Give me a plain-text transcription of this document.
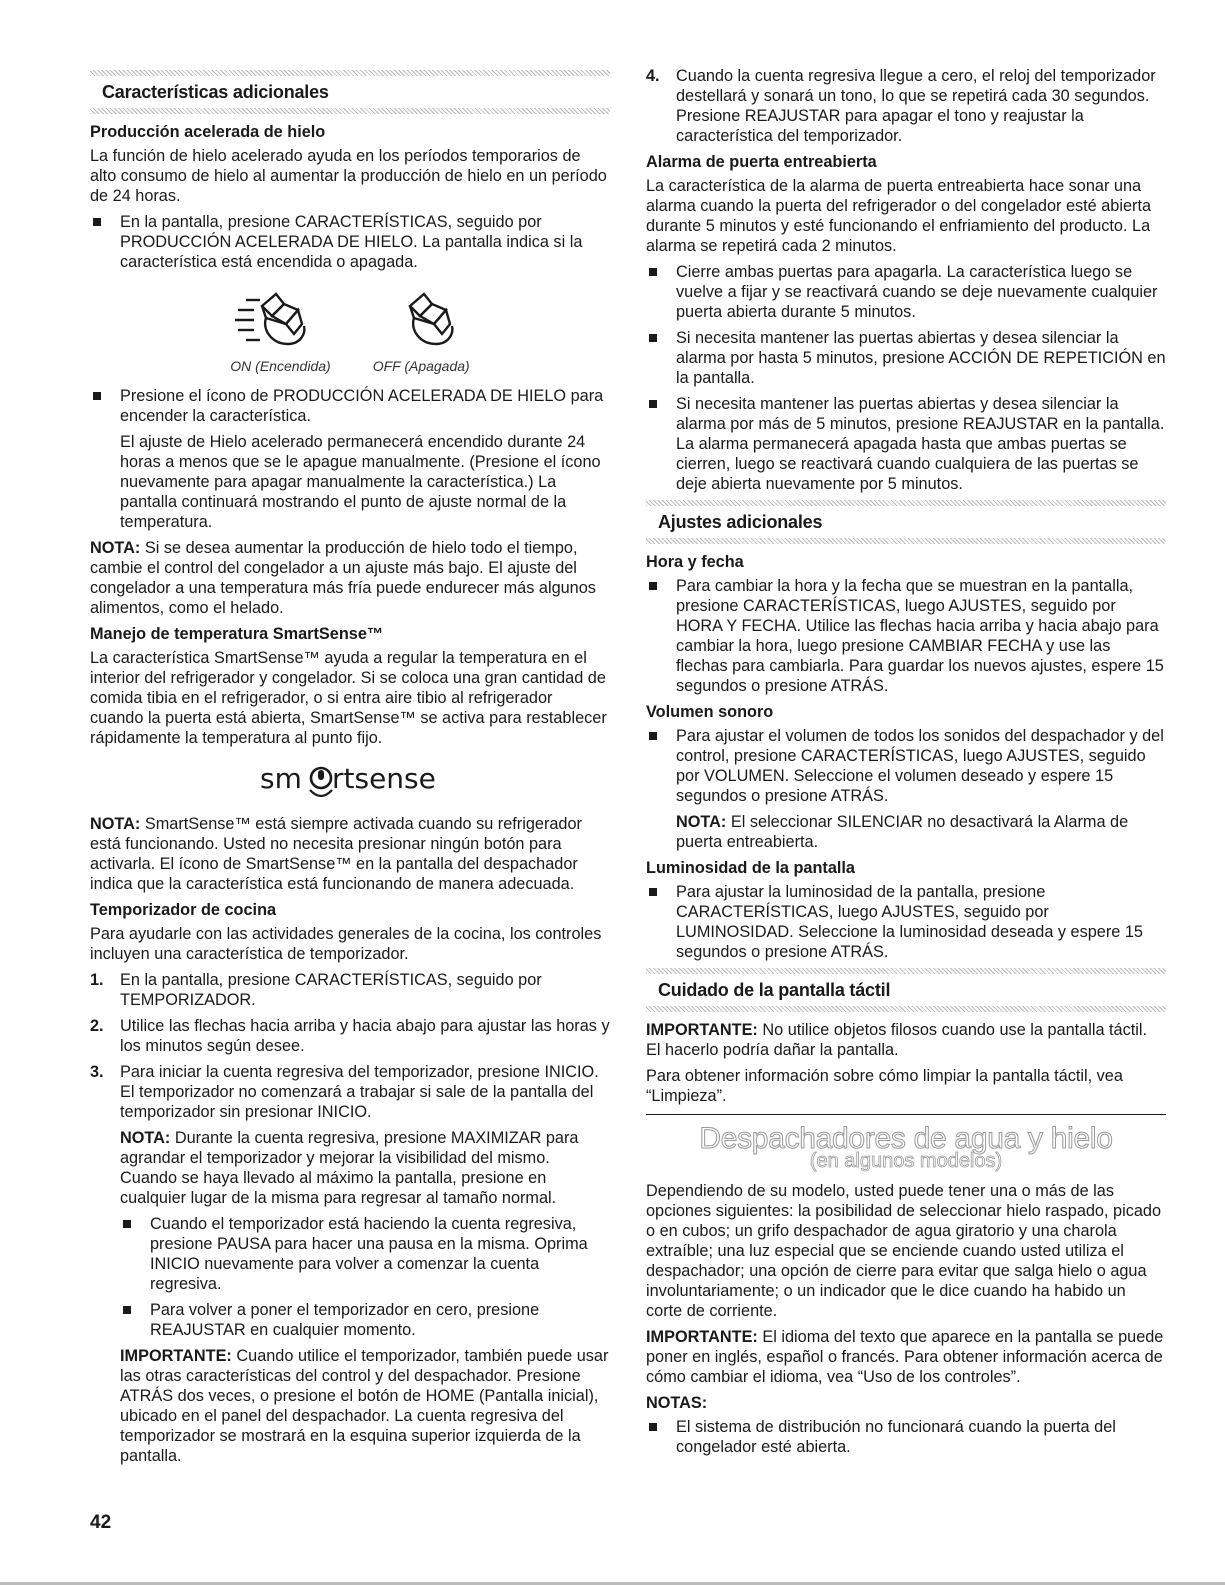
Características adicionales
Producción acelerada de hielo

La función de hielo acelerado ayuda en los períodos temporarios de alto consumo de hielo al aumentar la producción de hielo en un período de 24 horas.

En la pantalla, presione CARACTERÍSTICAS, seguido por PRODUCCIÓN ACELERADA DE HIELO. La pantalla indica si la característica está encendida o apagada.
ON (Encendida)	OFF (Apagada)
Presione el ícono de PRODUCCIÓN ACELERADA DE HIELO para encender la característica.

El ajuste de Hielo acelerado permanecerá encendido durante 24 horas a menos que se le apague manualmente. (Presione el ícono nuevamente para apagar manualmente la característica.) La pantalla continuará mostrando el punto de ajuste normal de la temperatura.

NOTA: Si se desea aumentar la producción de hielo todo el tiempo, cambie el control del congelador a un ajuste más bajo. El ajuste del congelador a una temperatura más fría puede endurecer más algunos alimentos, como el helado.

Manejo de temperatura SmartSense™

La característica SmartSense™ ayuda a regular la temperatura en el interior del refrigerador y congelador. Si se coloca una gran cantidad de comida tibia en el refrigerador, o si entra aire tibio al refrigerador cuando la puerta está abierta, SmartSense™ se activa para restablecer rápidamente la temperatura al punto fijo.

sm rtsense

NOTA: SmartSense™ está siempre activada cuando su refrigerador está funcionando. Usted no necesita presionar ningún botón para activarla. El ícono de SmartSense™ en la pantalla del despachador indica que la característica está funcionando de manera adecuada.

Temporizador de cocina

Para ayudarle con las actividades generales de la cocina, los controles incluyen una característica de temporizador.

1. En la pantalla, presione CARACTERÍSTICAS, seguido por TEMPORIZADOR.
2. Utilice las flechas hacia arriba y hacia abajo para ajustar las horas y los minutos según desee.
3. Para iniciar la cuenta regresiva del temporizador, presione INICIO. El temporizador no comenzará a trabajar si sale de la pantalla del temporizador sin presionar INICIO.

NOTA: Durante la cuenta regresiva, presione MAXIMIZAR para agrandar el temporizador y mejorar la visibilidad del mismo. Cuando se haya llevado al máximo la pantalla, presione en cualquier lugar de la misma para regresar al tamaño normal.

Cuando el temporizador está haciendo la cuenta regresiva, presione PAUSA para hacer una pausa en la misma. Oprima INICIO nuevamente para volver a comenzar la cuenta regresiva.
Para volver a poner el temporizador en cero, presione REAJUSTAR en cualquier momento.

IMPORTANTE: Cuando utilice el temporizador, también puede usar las otras características del control y del despachador. Presione ATRÁS dos veces, o presione el botón de HOME (Pantalla inicial), ubicado en el panel del despachador. La cuenta regresiva del temporizador se mostrará en la esquina superior izquierda de la pantalla.

4. Cuando la cuenta regresiva llegue a cero, el reloj del temporizador destellará y sonará un tono, lo que se repetirá cada 30 segundos. Presione REAJUSTAR para apagar el tono y reajustar la característica del temporizador.
Alarma de puerta entreabierta

La característica de la alarma de puerta entreabierta hace sonar una alarma cuando la puerta del refrigerador o del congelador esté abierta durante 5 minutos y esté funcionando el enfriamiento del producto. La alarma se repetirá cada 2 minutos.

Cierre ambas puertas para apagarla. La característica luego se vuelve a fijar y se reactivará cuando se deje nuevamente cualquier puerta abierta durante 5 minutos.
Si necesita mantener las puertas abiertas y desea silenciar la alarma por hasta 5 minutos, presione ACCIÓN DE REPETICIÓN en la pantalla.
Si necesita mantener las puertas abiertas y desea silenciar la alarma por más de 5 minutos, presione REAJUSTAR en la pantalla. La alarma permanecerá apagada hasta que ambas puertas se cierren, luego se reactivará cuando cualquiera de las puertas se deje abierta nuevamente por 5 minutos.
Ajustes adicionales
Hora y fecha
Para cambiar la hora y la fecha que se muestran en la pantalla, presione CARACTERÍSTICAS, luego AJUSTES, seguido por HORA Y FECHA. Utilice las flechas hacia arriba y hacia abajo para cambiar la hora, luego presione CAMBIAR FECHA y use las flechas para cambiarla. Para guardar los nuevos ajustes, espere 15 segundos o presione ATRÁS.
Volumen sonoro
Para ajustar el volumen de todos los sonidos del despachador y del control, presione CARACTERÍSTICAS, luego AJUSTES, seguido por VOLUMEN. Seleccione el volumen deseado y espere 15 segundos o presione ATRÁS.

NOTA: El seleccionar SILENCIAR no desactivará la Alarma de puerta entreabierta.

Luminosidad de la pantalla
Para ajustar la luminosidad de la pantalla, presione CARACTERÍSTICAS, luego AJUSTES, seguido por LUMINOSIDAD. Seleccione la luminosidad deseada y espere 15 segundos o presione ATRÁS.
Cuidado de la pantalla táctil

IMPORTANTE: No utilice objetos filosos cuando use la pantalla táctil. El hacerlo podría dañar la pantalla.

Para obtener información sobre cómo limpiar la pantalla táctil, vea “Limpieza”.

Despachadores de agua y hielo
(en algunos modelos)

Dependiendo de su modelo, usted puede tener una o más de las opciones siguientes: la posibilidad de seleccionar hielo raspado, picado o en cubos; un grifo despachador de agua giratorio y una charola extraíble; una luz especial que se enciende cuando usted utiliza el despachador; una opción de cierre para evitar que salga hielo o agua involuntariamente; o un indicador que le dice cuando ha habido un corte de corriente.

IMPORTANTE: El idioma del texto que aparece en la pantalla se puede poner en inglés, español o francés. Para obtener información acerca de cómo cambiar el idioma, vea “Uso de los controles”.

NOTAS:
El sistema de distribución no funcionará cuando la puerta del congelador esté abierta.
42
